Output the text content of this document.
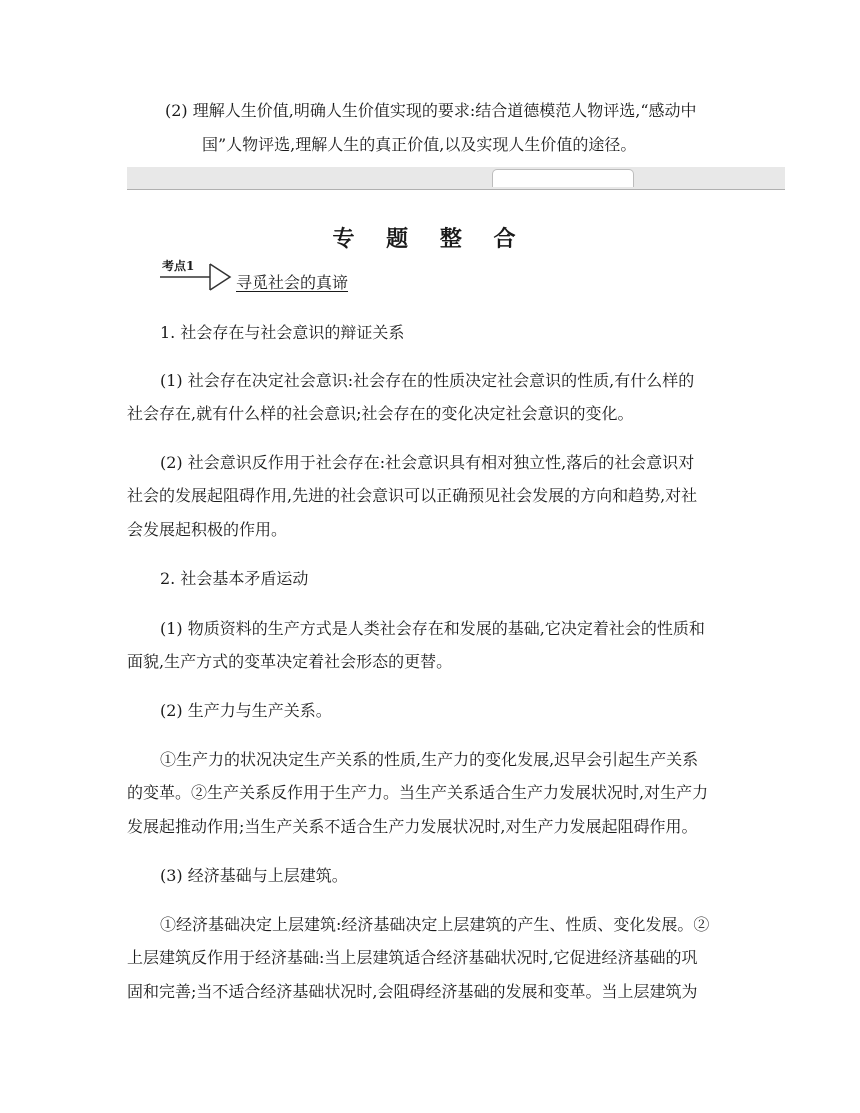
(2) 理解人生价值,明确人生价值实现的要求:结合道德模范人物评选,“感动中
国”人物评选,理解人生的真正价值,以及实现人生价值的途径。
专 题 整 合
考点1
寻觅社会的真谛
1. 社会存在与社会意识的辩证关系
(1) 社会存在决定社会意识:社会存在的性质决定社会意识的性质,有什么样的
社会存在,就有什么样的社会意识;社会存在的变化决定社会意识的变化。
(2) 社会意识反作用于社会存在:社会意识具有相对独立性,落后的社会意识对
社会的发展起阻碍作用,先进的社会意识可以正确预见社会发展的方向和趋势,对社
会发展起积极的作用。
2. 社会基本矛盾运动
(1) 物质资料的生产方式是人类社会存在和发展的基础,它决定着社会的性质和
面貌,生产方式的变革决定着社会形态的更替。
(2) 生产力与生产关系。
①生产力的状况决定生产关系的性质,生产力的变化发展,迟早会引起生产关系
的变革。②生产关系反作用于生产力。当生产关系适合生产力发展状况时,对生产力
发展起推动作用;当生产关系不适合生产力发展状况时,对生产力发展起阻碍作用。
(3) 经济基础与上层建筑。
①经济基础决定上层建筑:经济基础决定上层建筑的产生、性质、变化发展。②
上层建筑反作用于经济基础:当上层建筑适合经济基础状况时,它促进经济基础的巩
固和完善;当不适合经济基础状况时,会阻碍经济基础的发展和变革。当上层建筑为
